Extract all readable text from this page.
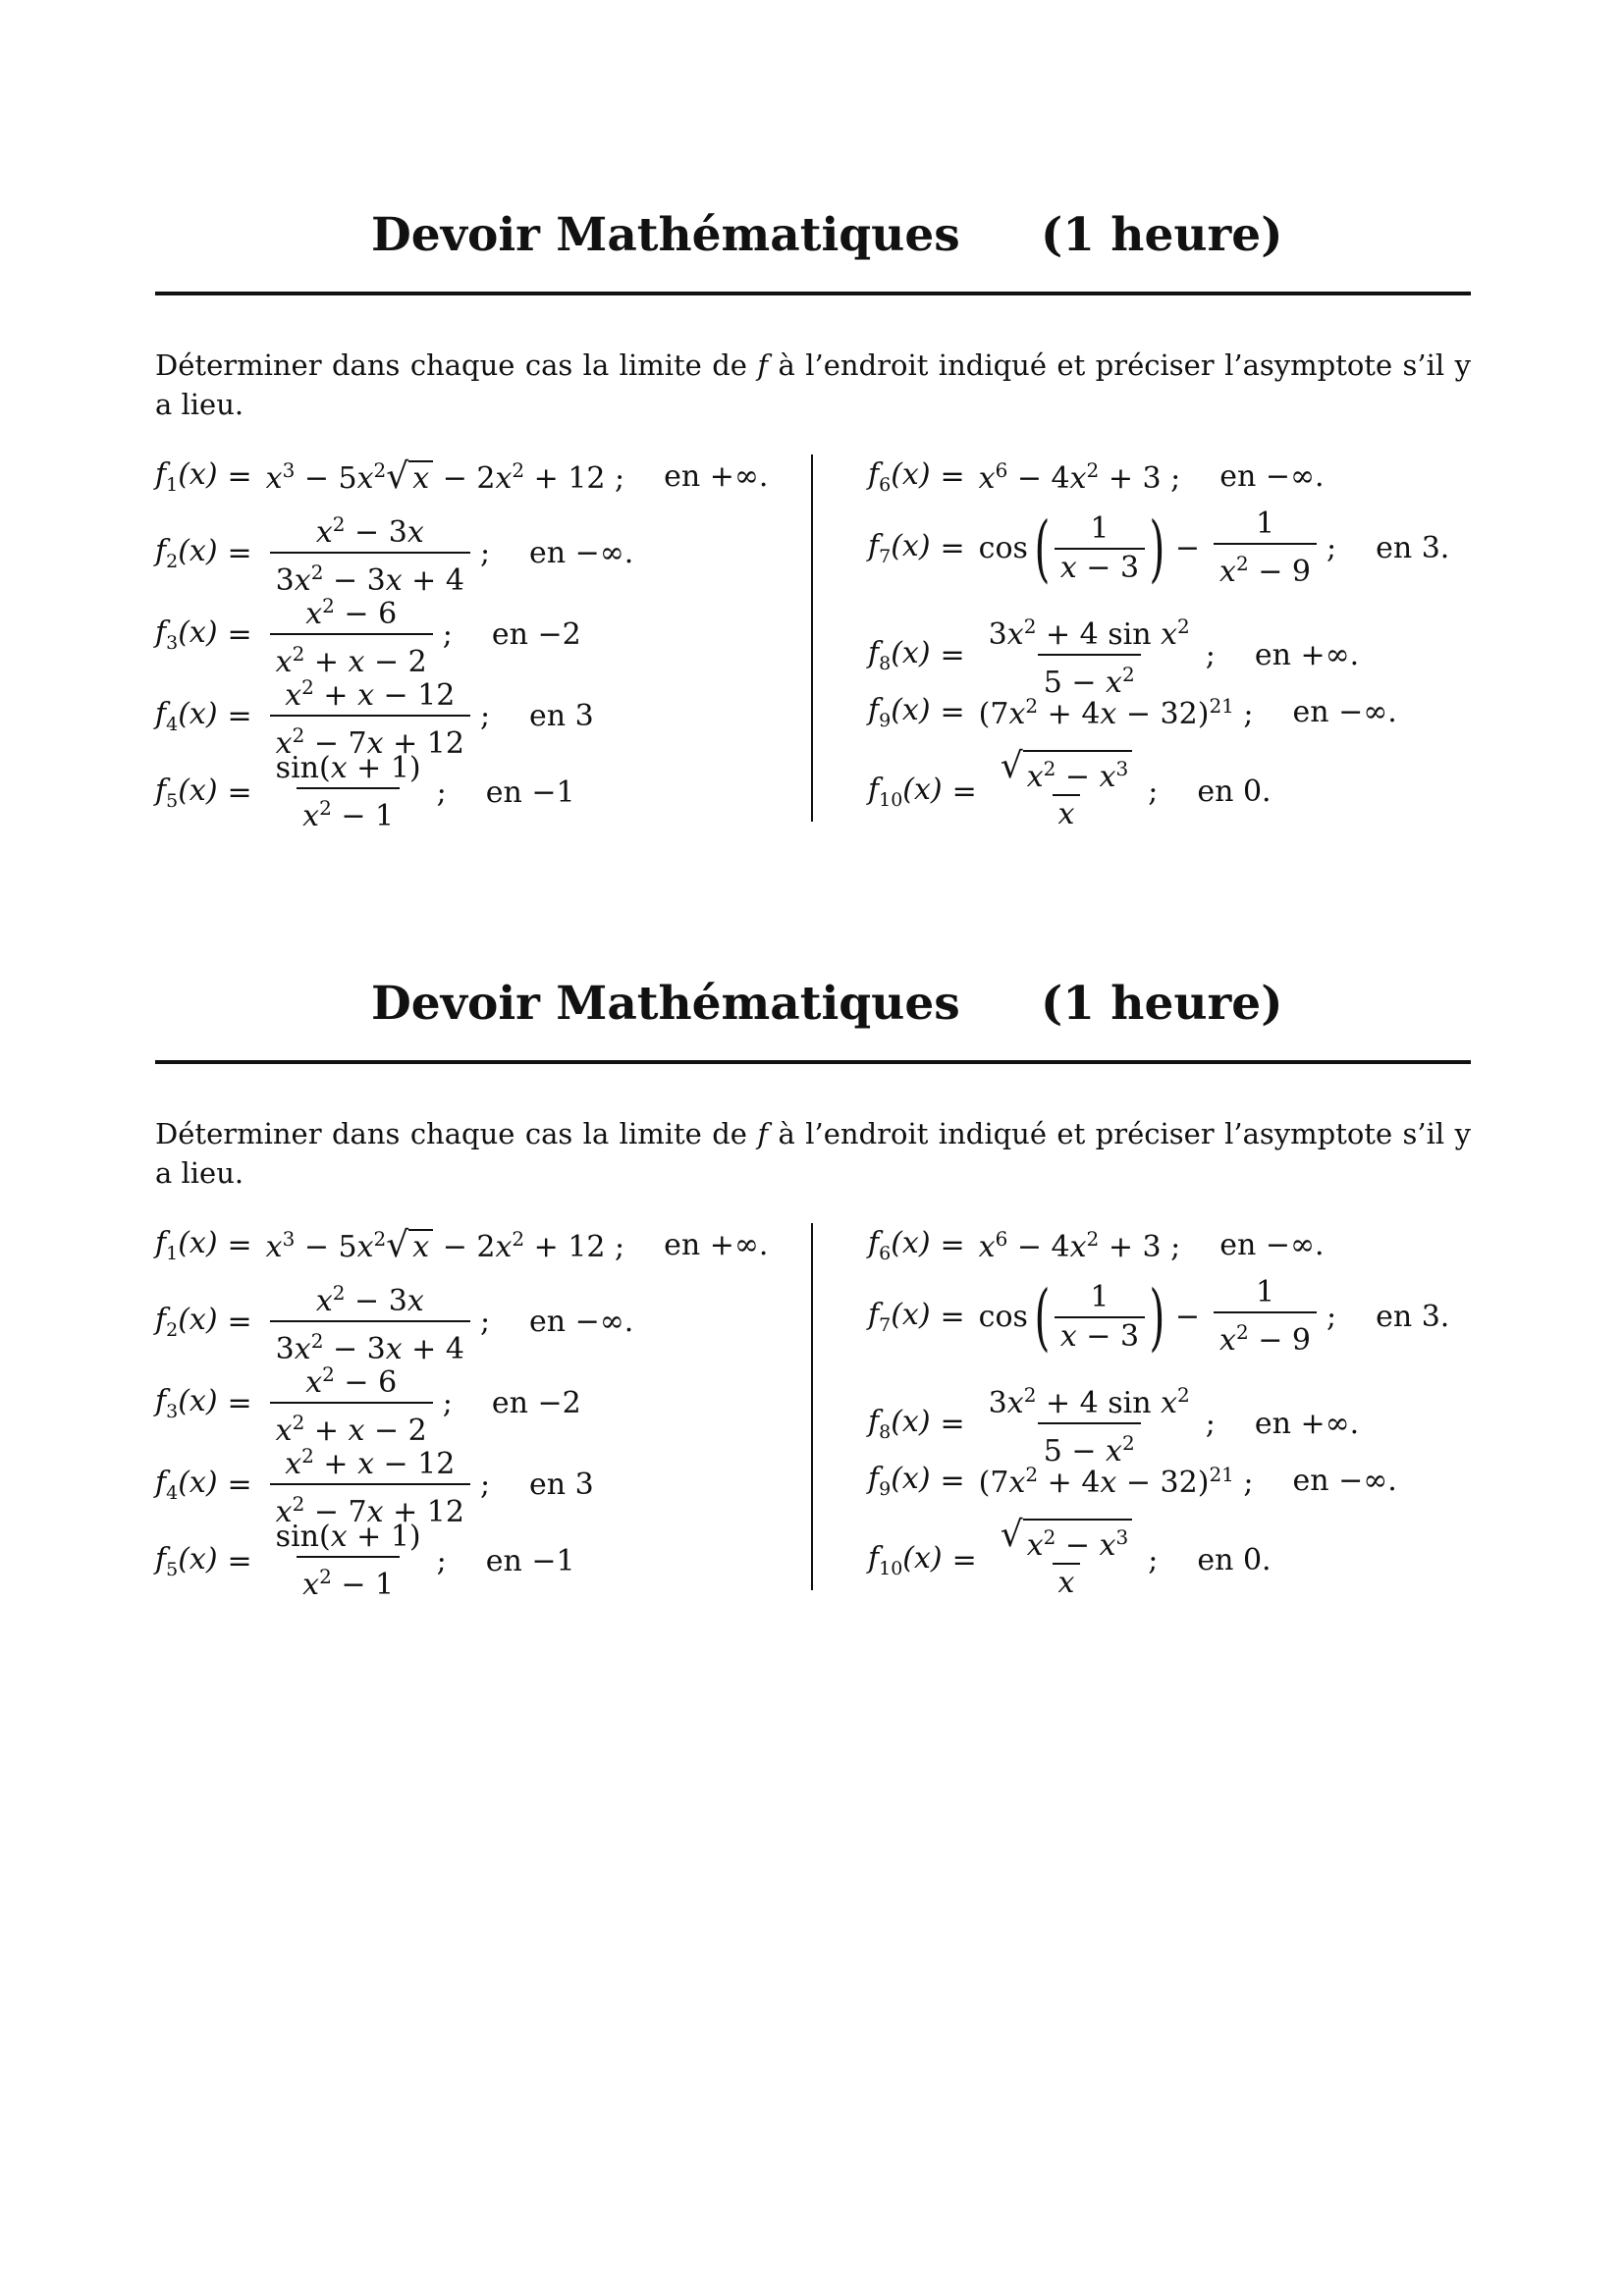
Devoir Mathématiques (1 heure)
Déterminer dans chaque cas la limite de f à l’endroit indiqué et préciser l’asymptote s’il y a lieu.
$f_1(x) = x^3 - 5x^2$ √ $x - 2x^2 + 12$ ; en +∞.
$f_2(x) = \frac{x^2 - 3x}{3x^2 - 3x + 4}$ ; en −∞.
$f_3(x) = \frac{x^2 - 6}{x^2 + x - 2}$ ; en −2
$f_4(x) = \frac{x^2 + x - 12}{x^2 - 7x + 12}$ ; en 3
$f_5(x) = \frac{\sin(x + 1)}{x^2 - 1}$ ; en −1
$f_6(x) = x^6 - 4x^2 + 3$ ; en −∞.
$f_7(x) = \cos$ ( $\frac{1}{x - 3}$ ) − $\frac{1}{x^2 - 9}$ ; en 3.
$f_8(x) = \frac{3x^2 + 4 \sin x^2}{5 - x^2}$ ; en +∞.
$f_9(x) = (7x^2 + 4x - 32)^{21}$ ; en −∞.
$f_{10}(x) = \frac{√ x^2 - x^3}{x}$ ; en 0.
Devoir Mathématiques (1 heure)
Déterminer dans chaque cas la limite de f à l’endroit indiqué et préciser l’asymptote s’il y a lieu.
$f_1(x) = x^3 - 5x^2$ √ $x - 2x^2 + 12$ ; en +∞.
$f_2(x) = \frac{x^2 - 3x}{3x^2 - 3x + 4}$ ; en −∞.
$f_3(x) = \frac{x^2 - 6}{x^2 + x - 2}$ ; en −2
$f_4(x) = \frac{x^2 + x - 12}{x^2 - 7x + 12}$ ; en 3
$f_5(x) = \frac{\sin(x + 1)}{x^2 - 1}$ ; en −1
$f_6(x) = x^6 - 4x^2 + 3$ ; en −∞.
$f_7(x) = \cos$ ( $\frac{1}{x - 3}$ ) − $\frac{1}{x^2 - 9}$ ; en 3.
$f_8(x) = \frac{3x^2 + 4 \sin x^2}{5 - x^2}$ ; en +∞.
$f_9(x) = (7x^2 + 4x - 32)^{21}$ ; en −∞.
$f_{10}(x) = \frac{√ x^2 - x^3}{x}$ ; en 0.
